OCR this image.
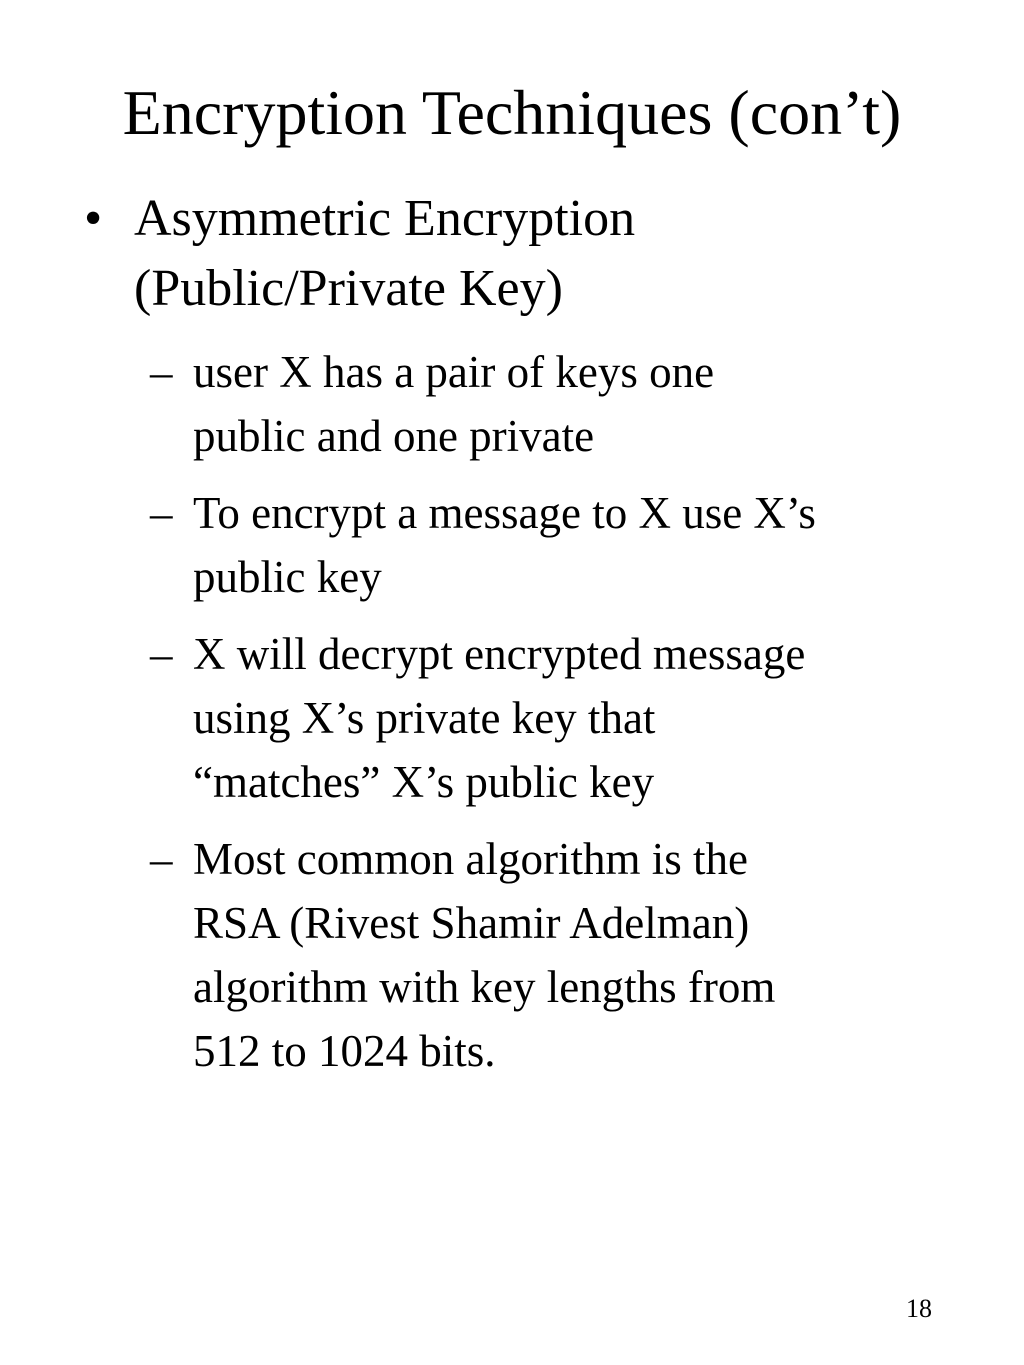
Encryption Techniques (con’t)
• Asymmetric Encryption
(Public/Private Key)
– user X has a pair of keys one
public and one private
– To encrypt a message to X use X’s
public key
– X will decrypt encrypted message
using X’s private key that
“matches” X’s public key
– Most common algorithm is the
RSA (Rivest Shamir Adelman)
algorithm with key lengths from
512 to 1024 bits.
18
